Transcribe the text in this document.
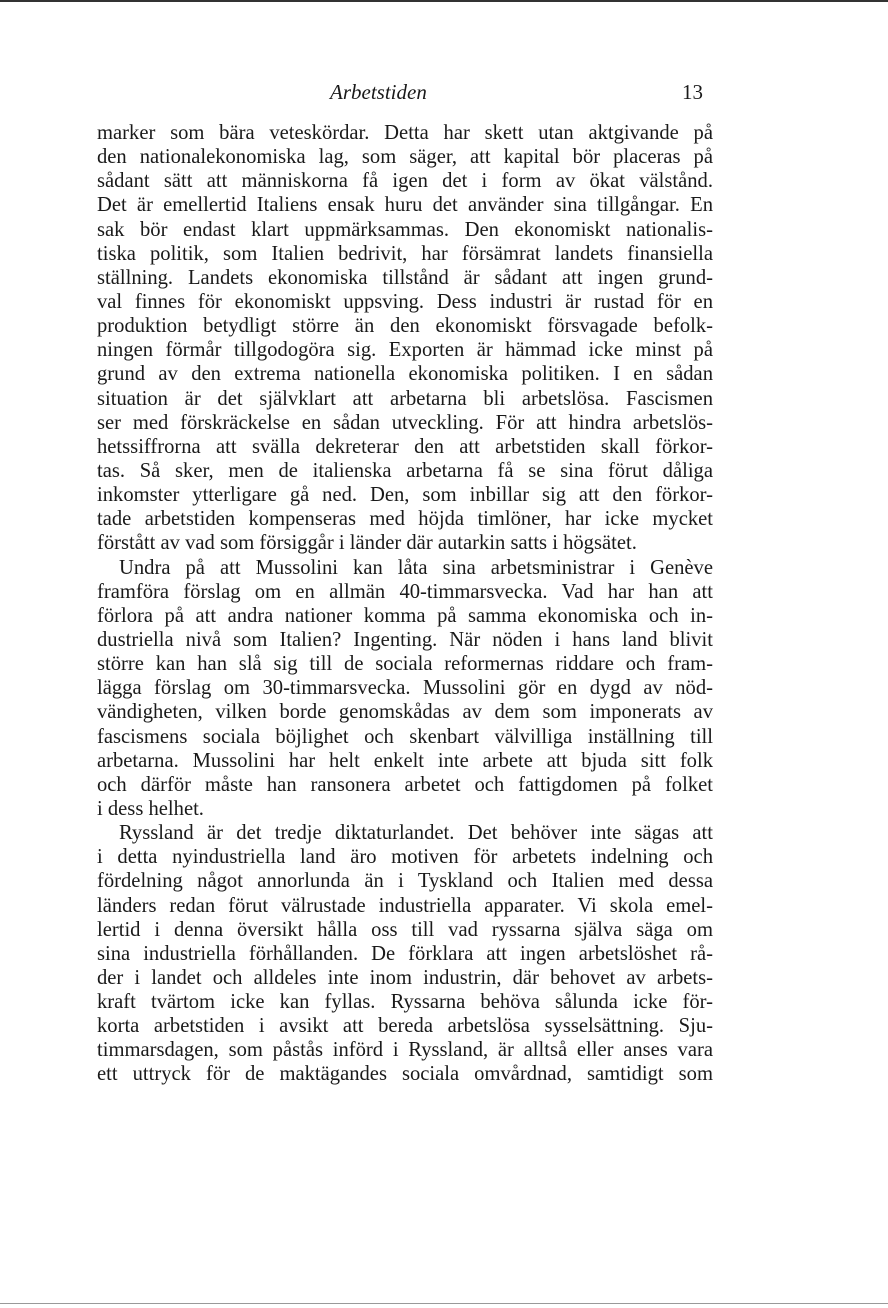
Arbetstiden	13
marker som bära veteskördar. Detta har skett utan aktgivande på
den nationalekonomiska lag, som säger, att kapital bör placeras på
sådant sätt att människorna få igen det i form av ökat välstånd.
Det är emellertid Italiens ensak huru det använder sina tillgångar. En
sak bör endast klart uppmärksammas. Den ekonomiskt nationalis-
tiska politik, som Italien bedrivit, har försämrat landets finansiella
ställning. Landets ekonomiska tillstånd är sådant att ingen grund-
val finnes för ekonomiskt uppsving. Dess industri är rustad för en
produktion betydligt större än den ekonomiskt försvagade befolk-
ningen förmår tillgodogöra sig. Exporten är hämmad icke minst på
grund av den extrema nationella ekonomiska politiken. I en sådan
situation är det självklart att arbetarna bli arbetslösa. Fascismen
ser med förskräckelse en sådan utveckling. För att hindra arbetslös-
hetssiffrorna att svälla dekreterar den att arbetstiden skall förkor-
tas. Så sker, men de italienska arbetarna få se sina förut dåliga
inkomster ytterligare gå ned. Den, som inbillar sig att den förkor-
tade arbetstiden kompenseras med höjda timlöner, har icke mycket
förstått av vad som försiggår i länder där autarkin satts i högsätet.
Undra på att Mussolini kan låta sina arbetsministrar i Genève
framföra förslag om en allmän 40-timmarsvecka. Vad har han att
förlora på att andra nationer komma på samma ekonomiska och in-
dustriella nivå som Italien? Ingenting. När nöden i hans land blivit
större kan han slå sig till de sociala reformernas riddare och fram-
lägga förslag om 30-timmarsvecka. Mussolini gör en dygd av nöd-
vändigheten, vilken borde genomskådas av dem som imponerats av
fascismens sociala böjlighet och skenbart välvilliga inställning till
arbetarna. Mussolini har helt enkelt inte arbete att bjuda sitt folk
och därför måste han ransonera arbetet och fattigdomen på folket
i dess helhet.
Ryssland är det tredje diktaturlandet. Det behöver inte sägas att
i detta nyindustriella land äro motiven för arbetets indelning och
fördelning något annorlunda än i Tyskland och Italien med dessa
länders redan förut välrustade industriella apparater. Vi skola emel-
lertid i denna översikt hålla oss till vad ryssarna själva säga om
sina industriella förhållanden. De förklara att ingen arbetslöshet rå-
der i landet och alldeles inte inom industrin, där behovet av arbets-
kraft tvärtom icke kan fyllas. Ryssarna behöva sålunda icke för-
korta arbetstiden i avsikt att bereda arbetslösa sysselsättning. Sju-
timmarsdagen, som påstås införd i Ryssland, är alltså eller anses vara
ett uttryck för de maktägandes sociala omvårdnad, samtidigt som
